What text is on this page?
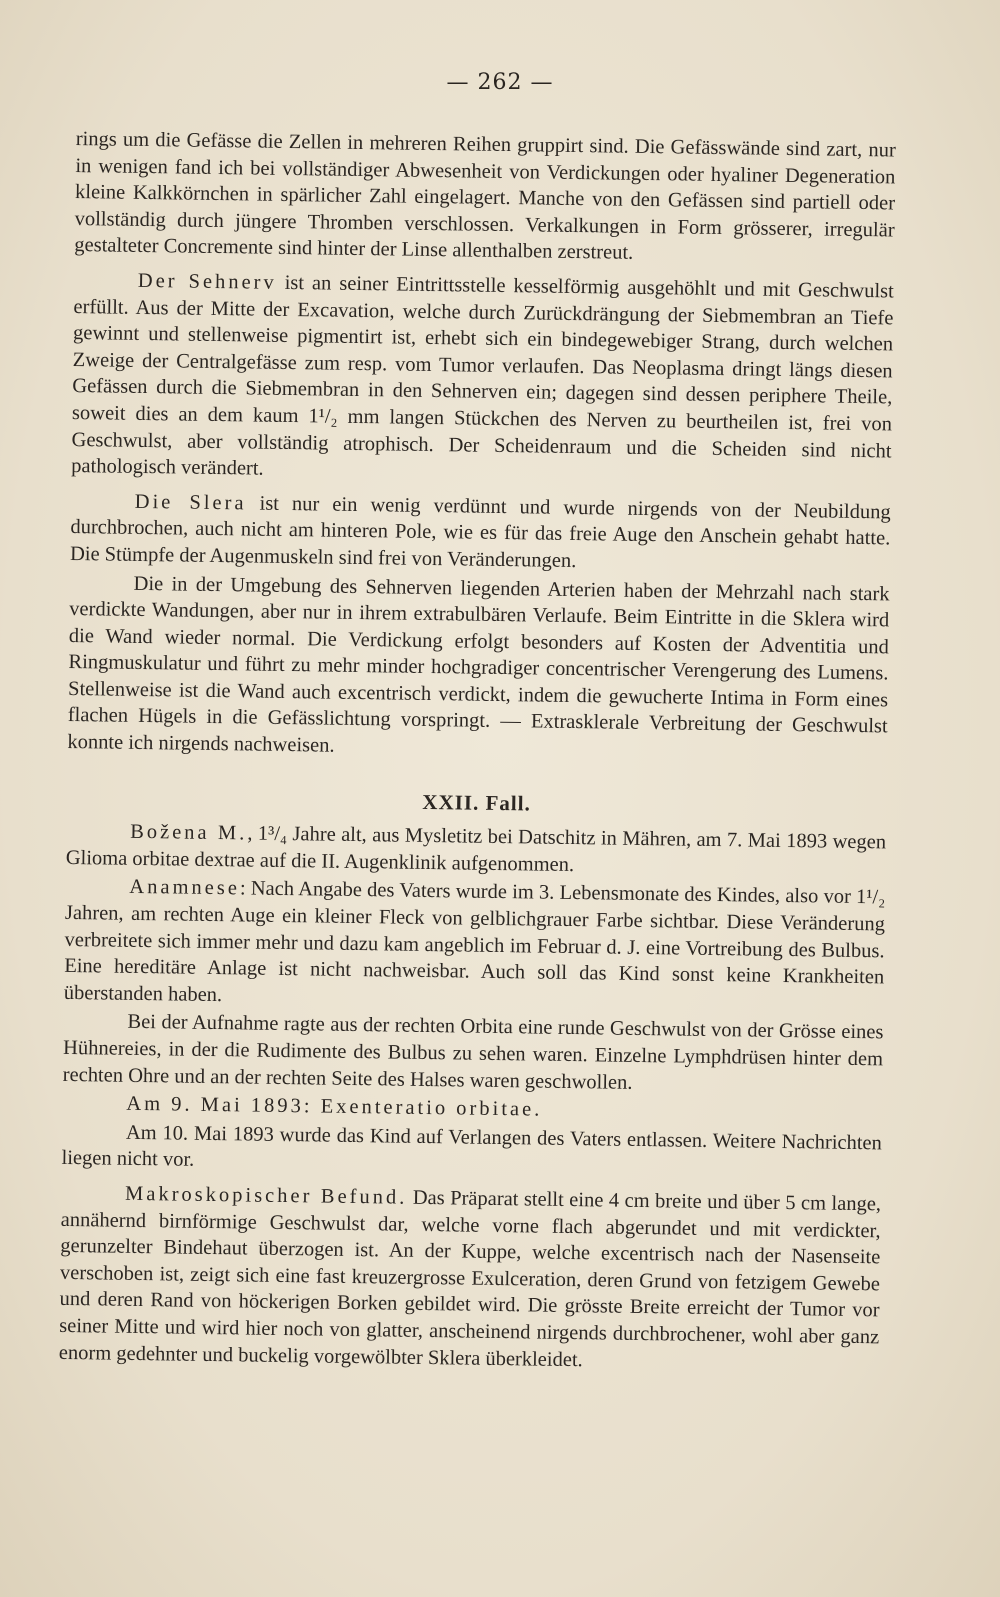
— 262 —

rings um die Gefässe die Zellen in mehreren Reihen gruppirt sind. Die Gefässwände sind zart, nur in wenigen fand ich bei vollständiger Abwesenheit von Verdickungen oder hyaliner Degeneration kleine Kalkkörnchen in spärlicher Zahl eingelagert. Manche von den Gefässen sind partiell oder vollständig durch jüngere Thromben verschlossen. Verkalkungen in Form grösserer, irregulär gestalteter Concremente sind hinter der Linse allenthalben zerstreut.

Der Sehnerv ist an seiner Eintrittsstelle kesselförmig ausgehöhlt und mit Geschwulst erfüllt. Aus der Mitte der Excavation, welche durch Zurückdrängung der Siebmembran an Tiefe gewinnt und stellenweise pigmentirt ist, erhebt sich ein bindegewebiger Strang, durch welchen Zweige der Centralgefässe zum resp. vom Tumor verlaufen. Das Neoplasma dringt längs diesen Gefässen durch die Siebmembran in den Sehnerven ein; dagegen sind dessen periphere Theile, soweit dies an dem kaum 1¹/₂ mm langen Stückchen des Nerven zu beurtheilen ist, frei von Geschwulst, aber vollständig atrophisch. Der Scheidenraum und die Scheiden sind nicht pathologisch verändert.

Die Slera ist nur ein wenig verdünnt und wurde nirgends von der Neubildung durchbrochen, auch nicht am hinteren Pole, wie es für das freie Auge den Anschein gehabt hatte. Die Stümpfe der Augenmuskeln sind frei von Veränderungen.

Die in der Umgebung des Sehnerven liegenden Arterien haben der Mehrzahl nach stark verdickte Wandungen, aber nur in ihrem extrabulbären Verlaufe. Beim Eintritte in die Sklera wird die Wand wieder normal. Die Verdickung erfolgt besonders auf Kosten der Adventitia und Ringmuskulatur und führt zu mehr minder hochgradiger concentrischer Verengerung des Lumens. Stellenweise ist die Wand auch excentrisch verdickt, indem die gewucherte Intima in Form eines flachen Hügels in die Gefässlichtung vorspringt. — Extrasklerale Verbreitung der Geschwulst konnte ich nirgends nachweisen.

XXII. Fall.

Božena M., 1³/₄ Jahre alt, aus Mysletitz bei Datschitz in Mähren, am 7. Mai 1893 wegen Glioma orbitae dextrae auf die II. Augenklinik aufgenommen.

Anamnese: Nach Angabe des Vaters wurde im 3. Lebensmonate des Kindes, also vor 1¹/₂ Jahren, am rechten Auge ein kleiner Fleck von gelblichgrauer Farbe sichtbar. Diese Veränderung verbreitete sich immer mehr und dazu kam angeblich im Februar d. J. eine Vortreibung des Bulbus. Eine hereditäre Anlage ist nicht nachweisbar. Auch soll das Kind sonst keine Krankheiten überstanden haben.

Bei der Aufnahme ragte aus der rechten Orbita eine runde Geschwulst von der Grösse eines Hühnereies, in der die Rudimente des Bulbus zu sehen waren. Einzelne Lymphdrüsen hinter dem rechten Ohre und an der rechten Seite des Halses waren geschwollen.

Am 9. Mai 1893: Exenteratio orbitae.

Am 10. Mai 1893 wurde das Kind auf Verlangen des Vaters entlassen. Weitere Nachrichten liegen nicht vor.

Makroskopischer Befund. Das Präparat stellt eine 4 cm breite und über 5 cm lange, annähernd birnförmige Geschwulst dar, welche vorne flach abgerundet und mit verdickter, gerunzelter Bindehaut überzogen ist. An der Kuppe, welche excentrisch nach der Nasenseite verschoben ist, zeigt sich eine fast kreuzergrosse Exulceration, deren Grund von fetzigem Gewebe und deren Rand von höckerigen Borken gebildet wird. Die grösste Breite erreicht der Tumor vor seiner Mitte und wird hier noch von glatter, anscheinend nirgends durchbrochener, wohl aber ganz enorm gedehnter und buckelig vorgewölbter Sklera überkleidet.
